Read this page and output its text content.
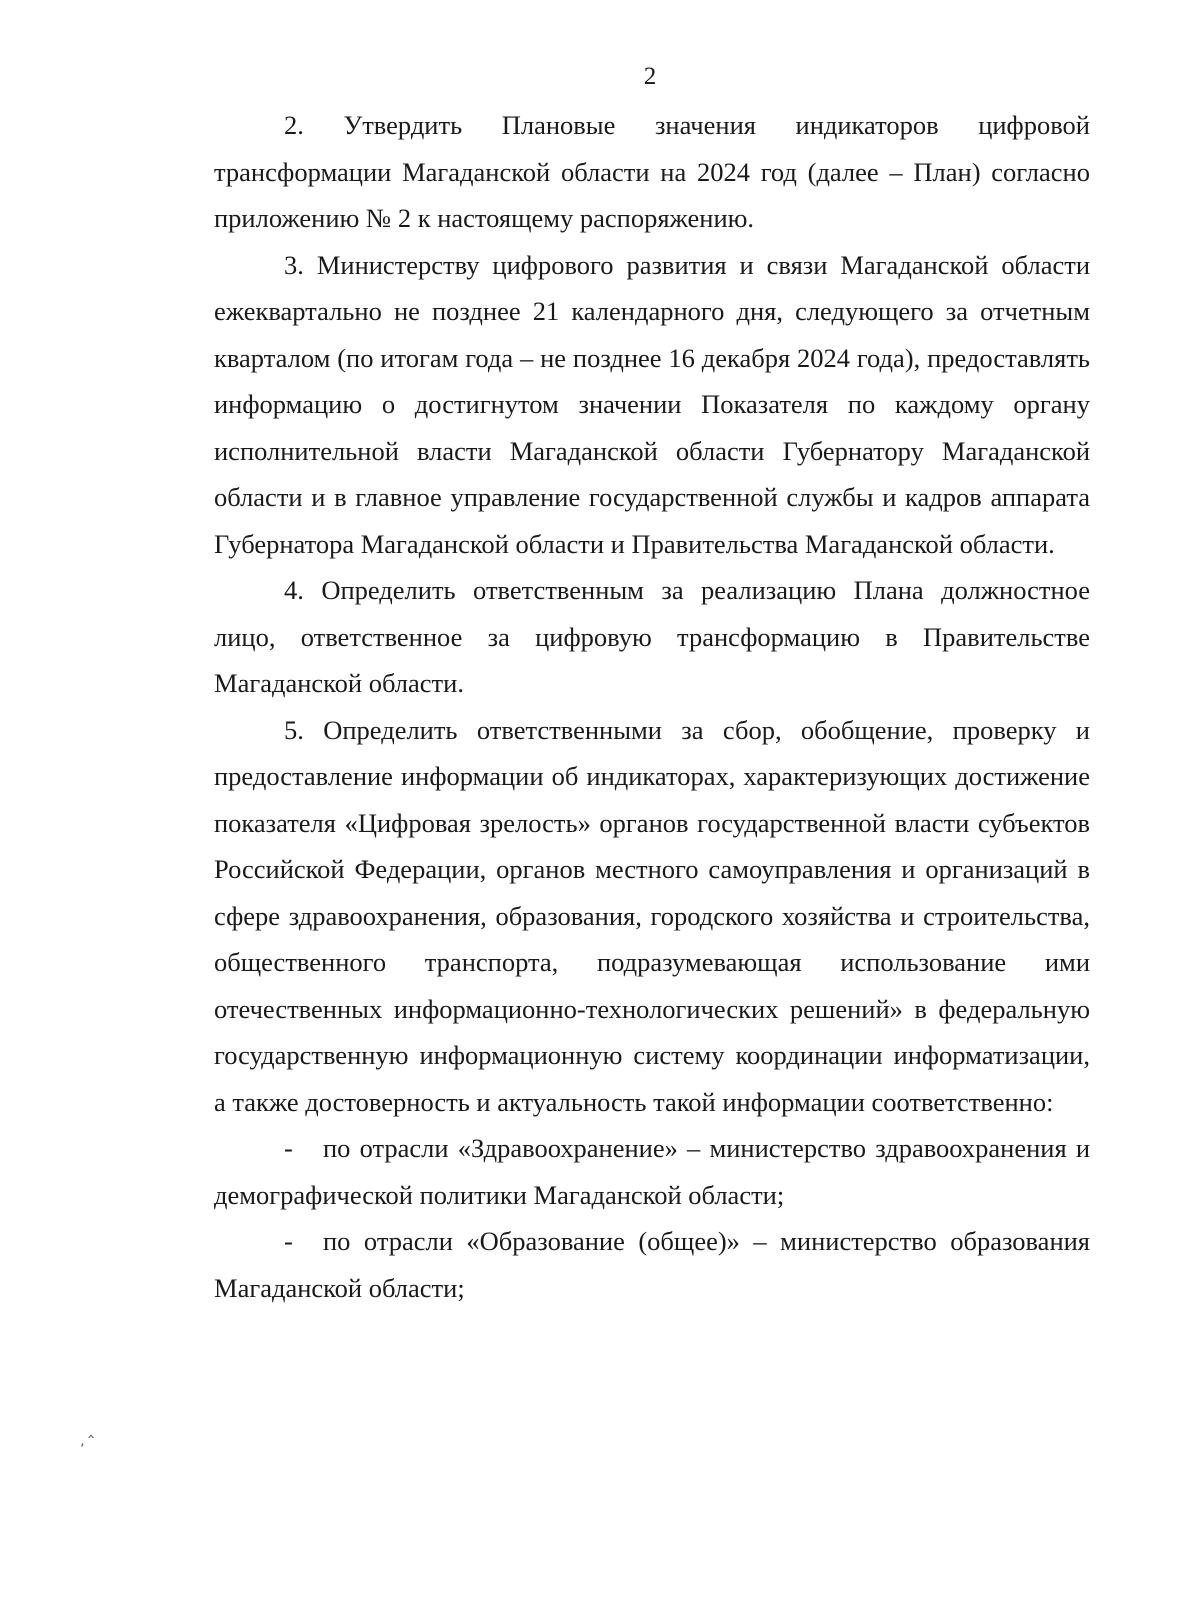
2

2. Утвердить Плановые значения индикаторов цифровой трансформации Магаданской области на 2024 год (далее – План) согласно приложению № 2 к настоящему распоряжению.

3. Министерству цифрового развития и связи Магаданской области ежеквартально не позднее 21 календарного дня, следующего за отчетным кварталом (по итогам года – не позднее 16 декабря 2024 года), предоставлять информацию о достигнутом значении Показателя по каждому органу исполнительной власти Магаданской области Губернатору Магаданской области и в главное управление государственной службы и кадров аппарата Губернатора Магаданской области и Правительства Магаданской области.

4. Определить ответственным за реализацию Плана должностное лицо, ответственное за цифровую трансформацию в Правительстве Магаданской области.

5. Определить ответственными за сбор, обобщение, проверку и предоставление информации об индикаторах, характеризующих достижение показателя «Цифровая зрелость» органов государственной власти субъектов Российской Федерации, органов местного самоуправления и организаций в сфере здравоохранения, образования, городского хозяйства и строительства, общественного транспорта, подразумевающая использование ими отечественных информационно-технологических решений» в федеральную государственную информационную систему координации информатизации, а также достоверность и актуальность такой информации соответственно:

- по отрасли «Здравоохранение» – министерство здравоохранения и демографической политики Магаданской области;

- по отрасли «Образование (общее)» – министерство образования Магаданской области;

‸
’
